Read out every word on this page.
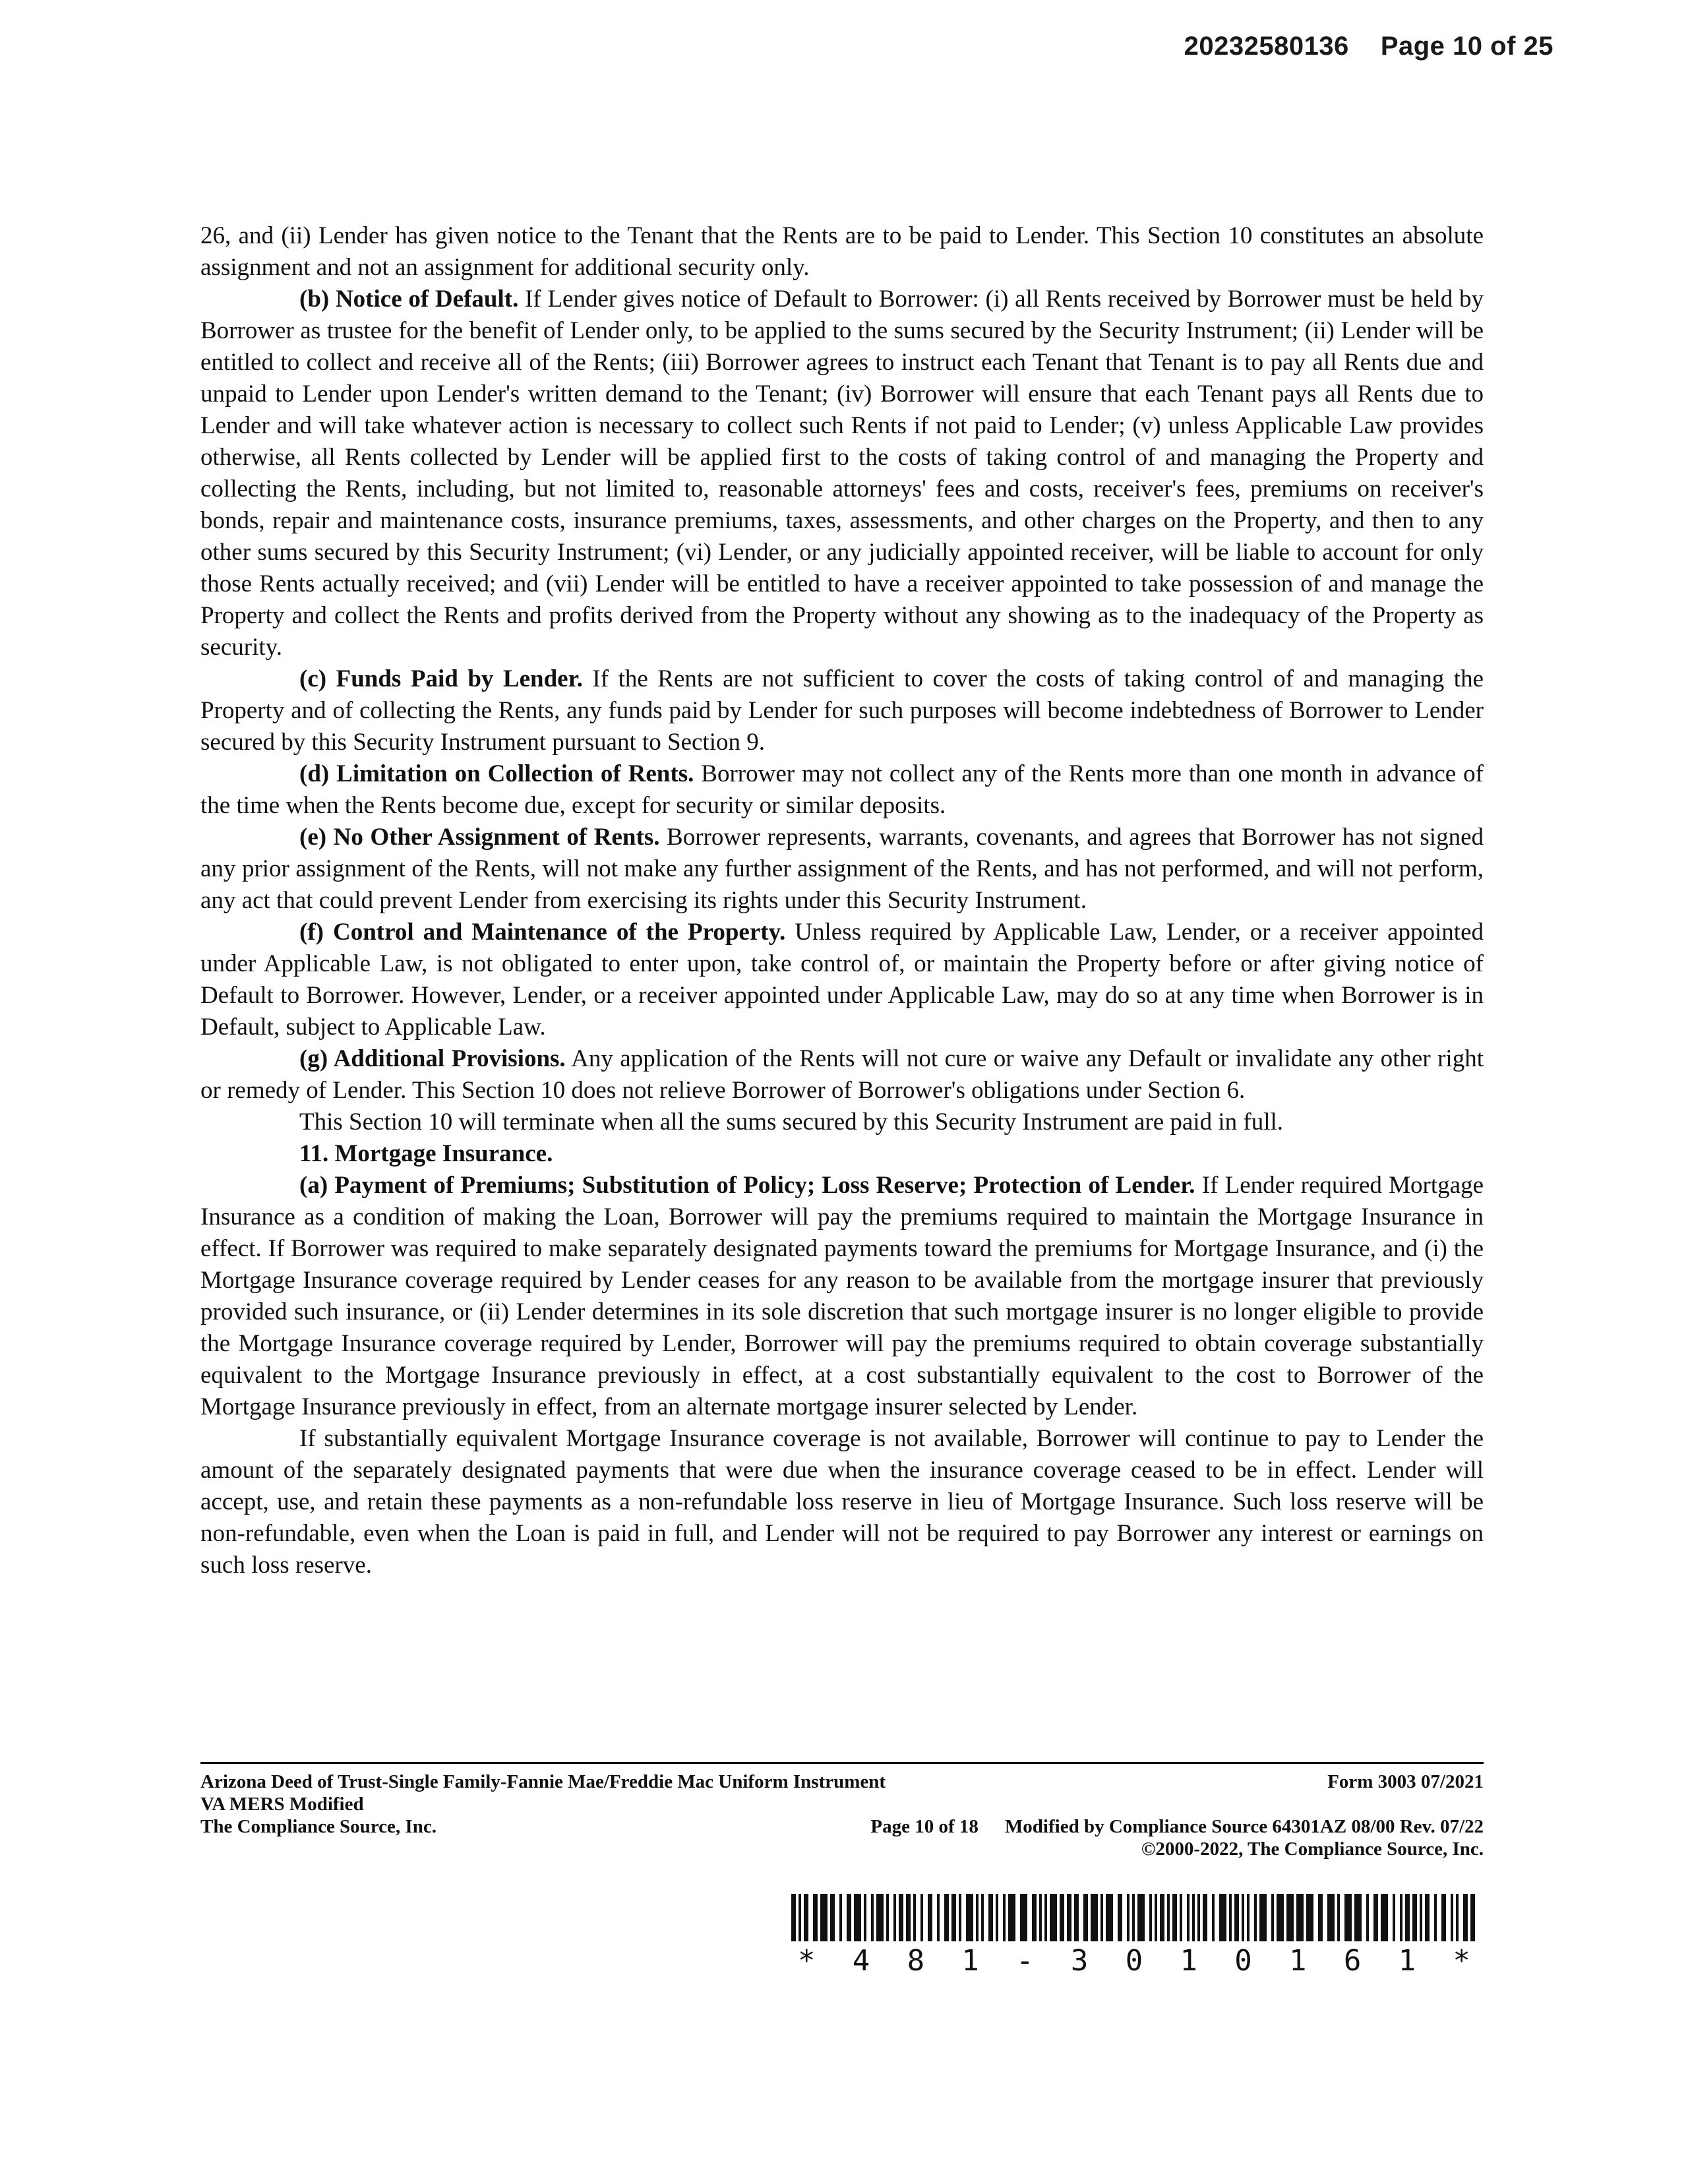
20232580136 Page 10 of 25

26, and (ii) Lender has given notice to the Tenant that the Rents are to be paid to Lender. This Section 10 constitutes an absolute assignment and not an assignment for additional security only.

(b) Notice of Default. If Lender gives notice of Default to Borrower: (i) all Rents received by Borrower must be held by Borrower as trustee for the benefit of Lender only, to be applied to the sums secured by the Security Instrument; (ii) Lender will be entitled to collect and receive all of the Rents; (iii) Borrower agrees to instruct each Tenant that Tenant is to pay all Rents due and unpaid to Lender upon Lender's written demand to the Tenant; (iv) Borrower will ensure that each Tenant pays all Rents due to Lender and will take whatever action is necessary to collect such Rents if not paid to Lender; (v) unless Applicable Law provides otherwise, all Rents collected by Lender will be applied first to the costs of taking control of and managing the Property and collecting the Rents, including, but not limited to, reasonable attorneys' fees and costs, receiver's fees, premiums on receiver's bonds, repair and maintenance costs, insurance premiums, taxes, assessments, and other charges on the Property, and then to any other sums secured by this Security Instrument; (vi) Lender, or any judicially appointed receiver, will be liable to account for only those Rents actually received; and (vii) Lender will be entitled to have a receiver appointed to take possession of and manage the Property and collect the Rents and profits derived from the Property without any showing as to the inadequacy of the Property as security.

(c) Funds Paid by Lender. If the Rents are not sufficient to cover the costs of taking control of and managing the Property and of collecting the Rents, any funds paid by Lender for such purposes will become indebtedness of Borrower to Lender secured by this Security Instrument pursuant to Section 9.

(d) Limitation on Collection of Rents. Borrower may not collect any of the Rents more than one month in advance of the time when the Rents become due, except for security or similar deposits.

(e) No Other Assignment of Rents. Borrower represents, warrants, covenants, and agrees that Borrower has not signed any prior assignment of the Rents, will not make any further assignment of the Rents, and has not performed, and will not perform, any act that could prevent Lender from exercising its rights under this Security Instrument.

(f) Control and Maintenance of the Property. Unless required by Applicable Law, Lender, or a receiver appointed under Applicable Law, is not obligated to enter upon, take control of, or maintain the Property before or after giving notice of Default to Borrower. However, Lender, or a receiver appointed under Applicable Law, may do so at any time when Borrower is in Default, subject to Applicable Law.

(g) Additional Provisions. Any application of the Rents will not cure or waive any Default or invalidate any other right or remedy of Lender. This Section 10 does not relieve Borrower of Borrower's obligations under Section 6.

This Section 10 will terminate when all the sums secured by this Security Instrument are paid in full.

11. Mortgage Insurance.

(a) Payment of Premiums; Substitution of Policy; Loss Reserve; Protection of Lender. If Lender required Mortgage Insurance as a condition of making the Loan, Borrower will pay the premiums required to maintain the Mortgage Insurance in effect. If Borrower was required to make separately designated payments toward the premiums for Mortgage Insurance, and (i) the Mortgage Insurance coverage required by Lender ceases for any reason to be available from the mortgage insurer that previously provided such insurance, or (ii) Lender determines in its sole discretion that such mortgage insurer is no longer eligible to provide the Mortgage Insurance coverage required by Lender, Borrower will pay the premiums required to obtain coverage substantially equivalent to the Mortgage Insurance previously in effect, at a cost substantially equivalent to the cost to Borrower of the Mortgage Insurance previously in effect, from an alternate mortgage insurer selected by Lender.

If substantially equivalent Mortgage Insurance coverage is not available, Borrower will continue to pay to Lender the amount of the separately designated payments that were due when the insurance coverage ceased to be in effect. Lender will accept, use, and retain these payments as a non-refundable loss reserve in lieu of Mortgage Insurance. Such loss reserve will be non-refundable, even when the Loan is paid in full, and Lender will not be required to pay Borrower any interest or earnings on such loss reserve.

Arizona Deed of Trust-Single Family-Fannie Mae/Freddie Mac Uniform Instrument	Form 3003 07/2021
VA MERS Modified
The Compliance Source, Inc.	Page 10 of 18 Modified by Compliance Source 64301AZ 08/00 Rev. 07/22
©2000-2022, The Compliance Source, Inc.
* 4 8 1 - 3 0 1 0 1 6 1 *
